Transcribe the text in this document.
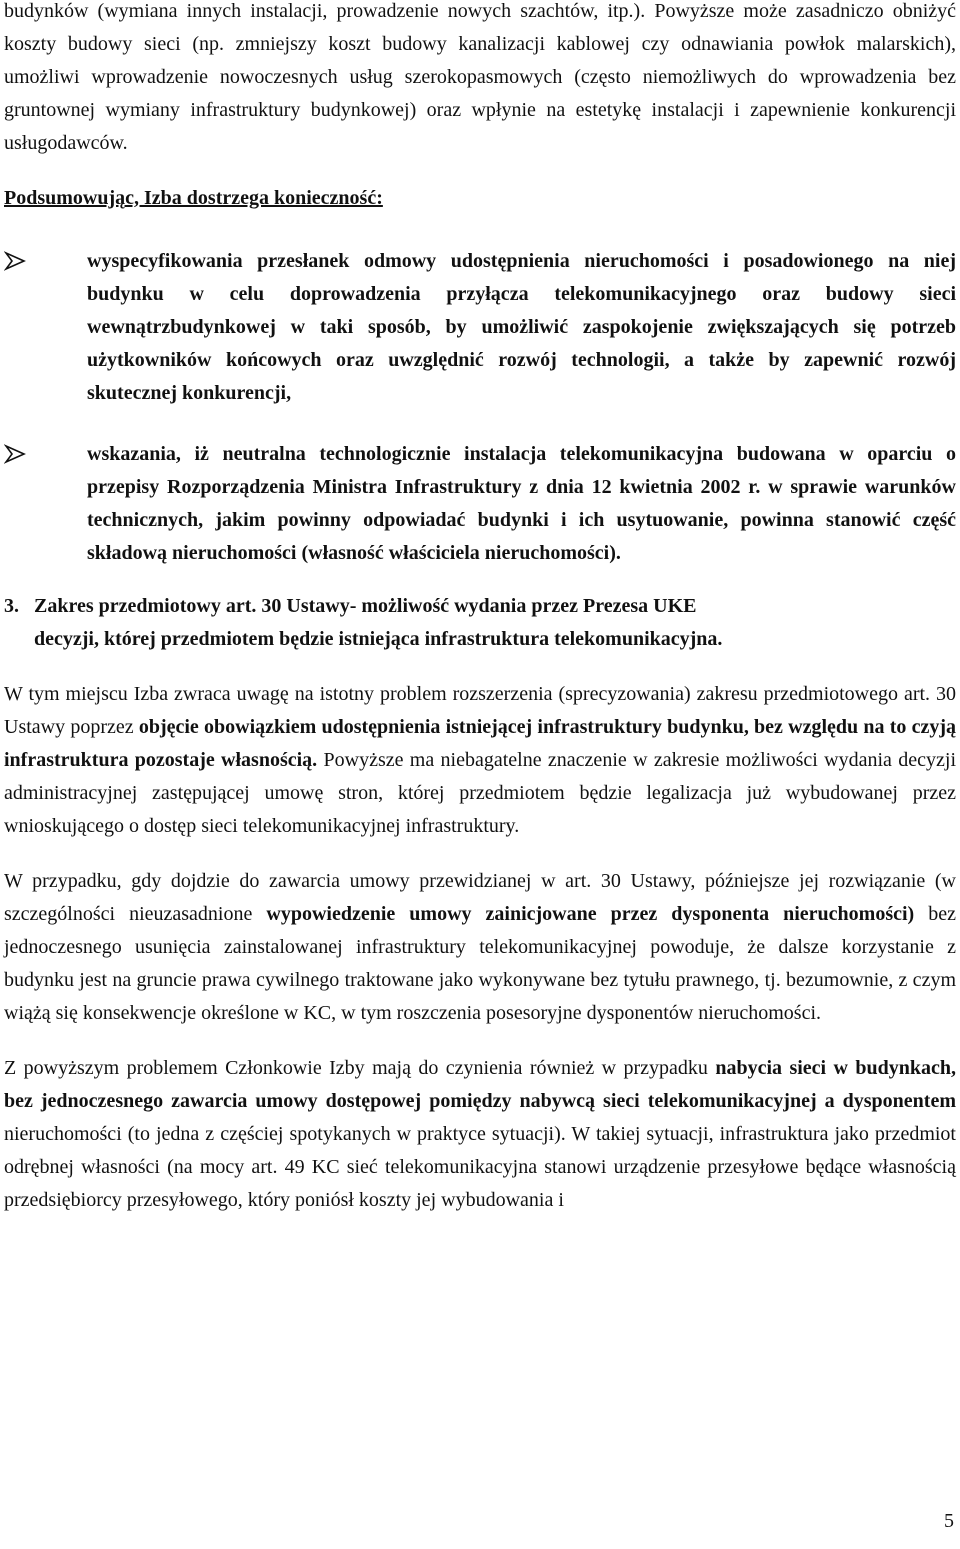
budynków (wymiana innych instalacji, prowadzenie nowych szachtów, itp.). Powyższe może zasadniczo obniżyć koszty budowy sieci (np. zmniejszy koszt budowy kanalizacji kablowej czy odnawiania powłok malarskich), umożliwi wprowadzenie nowoczesnych usług szerokopasmowych (często niemożliwych do wprowadzenia bez gruntownej wymiany infrastruktury budynkowej) oraz wpłynie na estetykę instalacji i zapewnienie konkurencji usługodawców.

Podsumowując, Izba dostrzega konieczność:

wyspecyfikowania przesłanek odmowy udostępnienia nieruchomości i posadowionego na niej budynku w celu doprowadzenia przyłącza telekomunikacyjnego oraz budowy sieci wewnątrzbudynkowej w taki sposób, by umożliwić zaspokojenie zwiększających się potrzeb użytkowników końcowych oraz uwzględnić rozwój technologii, a także by zapewnić rozwój skutecznej konkurencji,
wskazania, iż neutralna technologicznie instalacja telekomunikacyjna budowana w oparciu o przepisy Rozporządzenia Ministra Infrastruktury z dnia 12 kwietnia 2002 r. w sprawie warunków technicznych, jakim powinny odpowiadać budynki i ich usytuowanie, powinna stanowić część składową nieruchomości (własność właściciela nieruchomości).
3. Zakres przedmiotowy art. 30 Ustawy- możliwość wydania przez Prezesa UKE
decyzji, której przedmiotem będzie istniejąca infrastruktura telekomunikacyjna.

W tym miejscu Izba zwraca uwagę na istotny problem rozszerzenia (sprecyzowania) zakresu przedmiotowego art. 30 Ustawy poprzez objęcie obowiązkiem udostępnienia istniejącej infrastruktury budynku, bez względu na to czyją infrastruktura pozostaje własnością. Powyższe ma niebagatelne znaczenie w zakresie możliwości wydania decyzji administracyjnej zastępującej umowę stron, której przedmiotem będzie legalizacja już wybudowanej przez wnioskującego o dostęp sieci telekomunikacyjnej infrastruktury.

W przypadku, gdy dojdzie do zawarcia umowy przewidzianej w art. 30 Ustawy, późniejsze jej rozwiązanie (w szczególności nieuzasadnione wypowiedzenie umowy zainicjowane przez dysponenta nieruchomości) bez jednoczesnego usunięcia zainstalowanej infrastruktury telekomunikacyjnej powoduje, że dalsze korzystanie z budynku jest na gruncie prawa cywilnego traktowane jako wykonywane bez tytułu prawnego, tj. bezumownie, z czym wiążą się konsekwencje określone w KC, w tym roszczenia posesoryjne dysponentów nieruchomości.

Z powyższym problemem Członkowie Izby mają do czynienia również w przypadku nabycia sieci w budynkach, bez jednoczesnego zawarcia umowy dostępowej pomiędzy nabywcą sieci telekomunikacyjnej a dysponentem nieruchomości (to jedna z częściej spotykanych w praktyce sytuacji). W takiej sytuacji, infrastruktura jako przedmiot odrębnej własności (na mocy art. 49 KC sieć telekomunikacyjna stanowi urządzenie przesyłowe będące własnością przedsiębiorcy przesyłowego, który poniósł koszty jej wybudowania i

5
